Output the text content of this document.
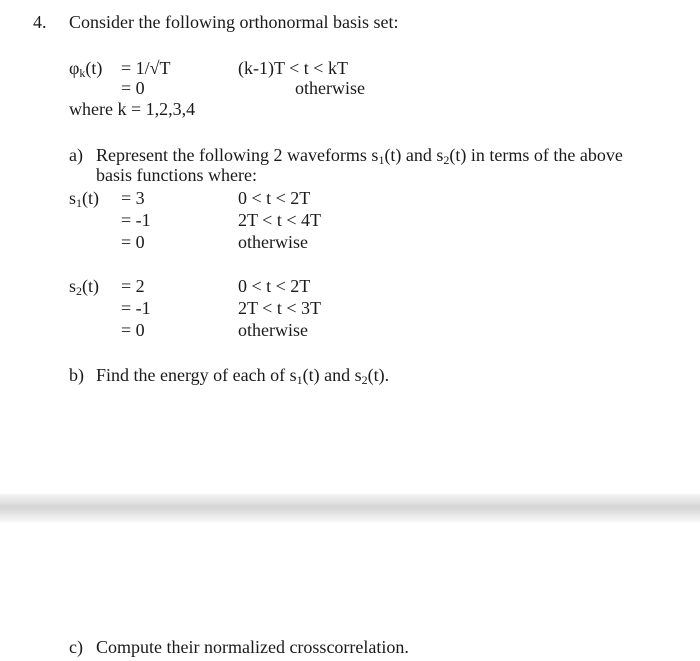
4. Consider the following orthonormal basis set:
$\varphi_k(t) = 1/√T$	(k-1)T < t < kT
= 0	otherwise
where k = 1,2,3,4
a) Represent the following 2 waveforms $s_1(t)$ and $s_2(t)$ in terms of the above
basis functions where:
$s_1(t) = 3$	0 < t < 2T
= -1	2T < t < 4T
= 0	otherwise
$s_2(t) = 2$	0 < t < 2T
= -1	2T < t < 3T
= 0	otherwise
b) Find the energy of each of $s_1(t)$ and $s_2(t)$.
c) Compute their normalized crosscorrelation.
